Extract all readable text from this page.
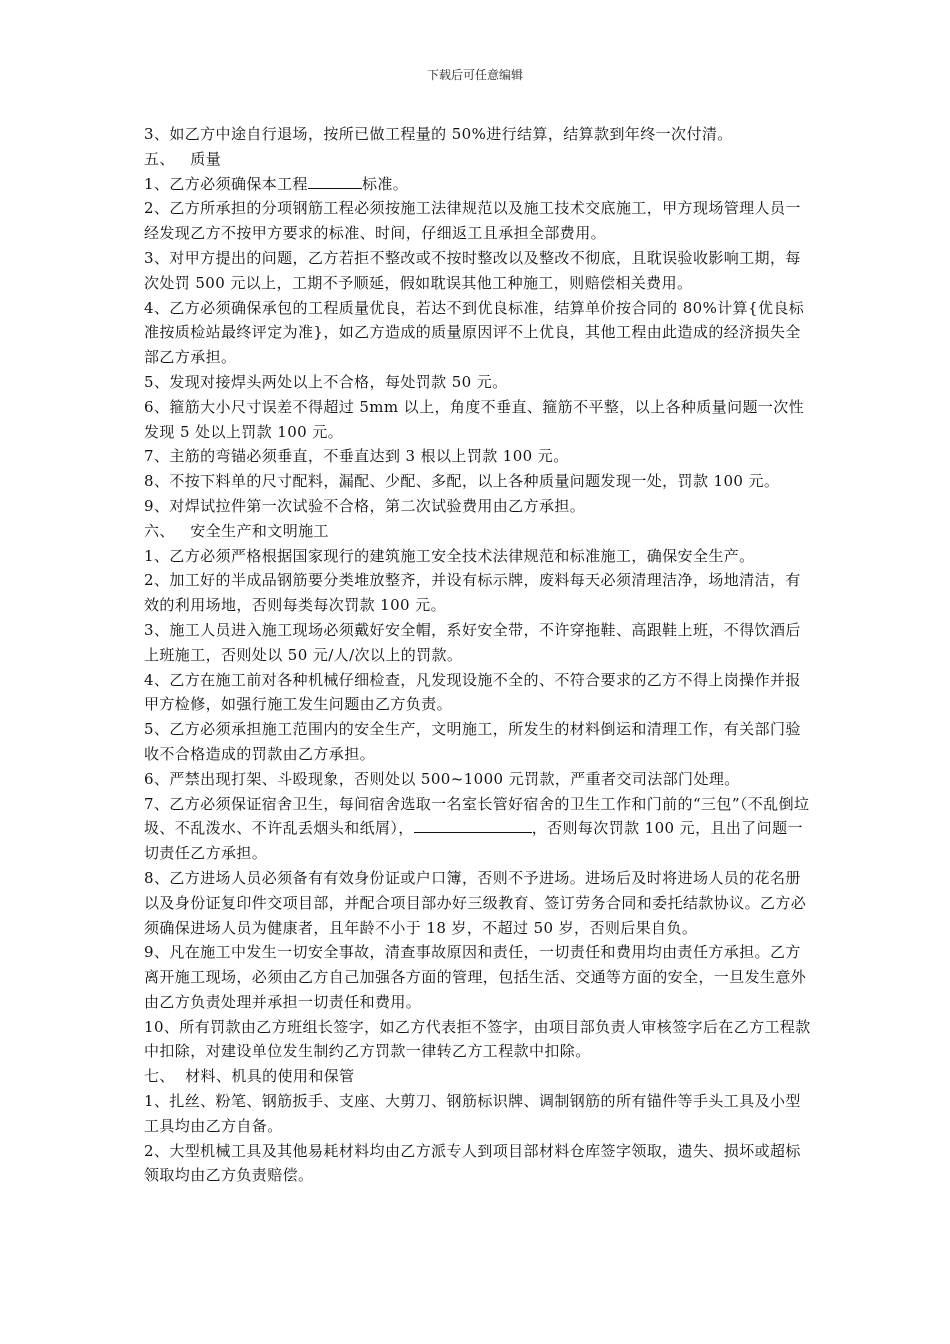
下载后可任意编辑

3、如乙方中途自行退场，按所已做工程量的 50%进行结算，结算款到年终一次付清。

五、   质量

1、乙方必须确保本工程	标准。

2、乙方所承担的分项钢筋工程必须按施工法律规范以及施工技术交底施工，甲方现场管理人员一经发现乙方不按甲方要求的标准、时间，仔细返工且承担全部费用。

3、对甲方提出的问题，乙方若拒不整改或不按时整改以及整改不彻底，且耽误验收影响工期，每次处罚 500 元以上，工期不予顺延，假如耽误其他工种施工，则赔偿相关费用。

4、乙方必须确保承包的工程质量优良，若达不到优良标准，结算单价按合同的 80%计算{优良标准按质检站最终评定为准}，如乙方造成的质量原因评不上优良，其他工程由此造成的经济损失全部乙方承担。

5、发现对接焊头两处以上不合格，每处罚款 50 元。

6、箍筋大小尺寸误差不得超过 5mm 以上，角度不垂直、箍筋不平整，以上各种质量问题一次性发现 5 处以上罚款 100 元。

7、主筋的弯锚必须垂直，不垂直达到 3 根以上罚款 100 元。

8、不按下料单的尺寸配料，漏配、少配、多配，以上各种质量问题发现一处，罚款 100 元。

9、对焊试拉件第一次试验不合格，第二次试验费用由乙方承担。

六、   安全生产和文明施工

1、乙方必须严格根据国家现行的建筑施工安全技术法律规范和标准施工，确保安全生产。

2、加工好的半成品钢筋要分类堆放整齐，并设有标示牌，废料每天必须清理洁净，场地清洁，有效的利用场地，否则每类每次罚款 100 元。

3、施工人员进入施工现场必须戴好安全帽，系好安全带，不许穿拖鞋、高跟鞋上班，不得饮酒后上班施工，否则处以 50 元/人/次以上的罚款。

4、乙方在施工前对各种机械仔细检查，凡发现设施不全的、不符合要求的乙方不得上岗操作并报甲方检修，如强行施工发生问题由乙方负责。

5、乙方必须承担施工范围内的安全生产，文明施工，所发生的材料倒运和清理工作，有关部门验收不合格造成的罚款由乙方承担。

6、严禁出现打架、斗殴现象，否则处以 500~1000 元罚款，严重者交司法部门处理。

7、乙方必须保证宿舍卫生，每间宿舍选取一名室长管好宿舍的卫生工作和门前的“三包”（不乱倒垃圾、不乱泼水、不许乱丢烟头和纸屑），	，否则每次罚款 100 元，且出了问题一切责任乙方承担。

8、乙方进场人员必须备有有效身份证或户口簿，否则不予进场。进场后及时将进场人员的花名册以及身份证复印件交项目部，并配合项目部办好三级教育、签订劳务合同和委托结款协议。乙方必须确保进场人员为健康者，且年龄不小于 18 岁，不超过 50 岁，否则后果自负。

9、凡在施工中发生一切安全事故，清查事故原因和责任，一切责任和费用均由责任方承担。乙方离开施工现场，必须由乙方自己加强各方面的管理，包括生活、交通等方面的安全，一旦发生意外由乙方负责处理并承担一切责任和费用。

10、所有罚款由乙方班组长签字，如乙方代表拒不签字，由项目部负责人审核签字后在乙方工程款中扣除，对建设单位发生制约乙方罚款一律转乙方工程款中扣除。

七、  材料、机具的使用和保管

1、扎丝、粉笔、钢筋扳手、支座、大剪刀、钢筋标识牌、调制钢筋的所有锚件等手头工具及小型工具均由乙方自备。

2、大型机械工具及其他易耗材料均由乙方派专人到项目部材料仓库签字领取，遗失、损坏或超标领取均由乙方负责赔偿。
